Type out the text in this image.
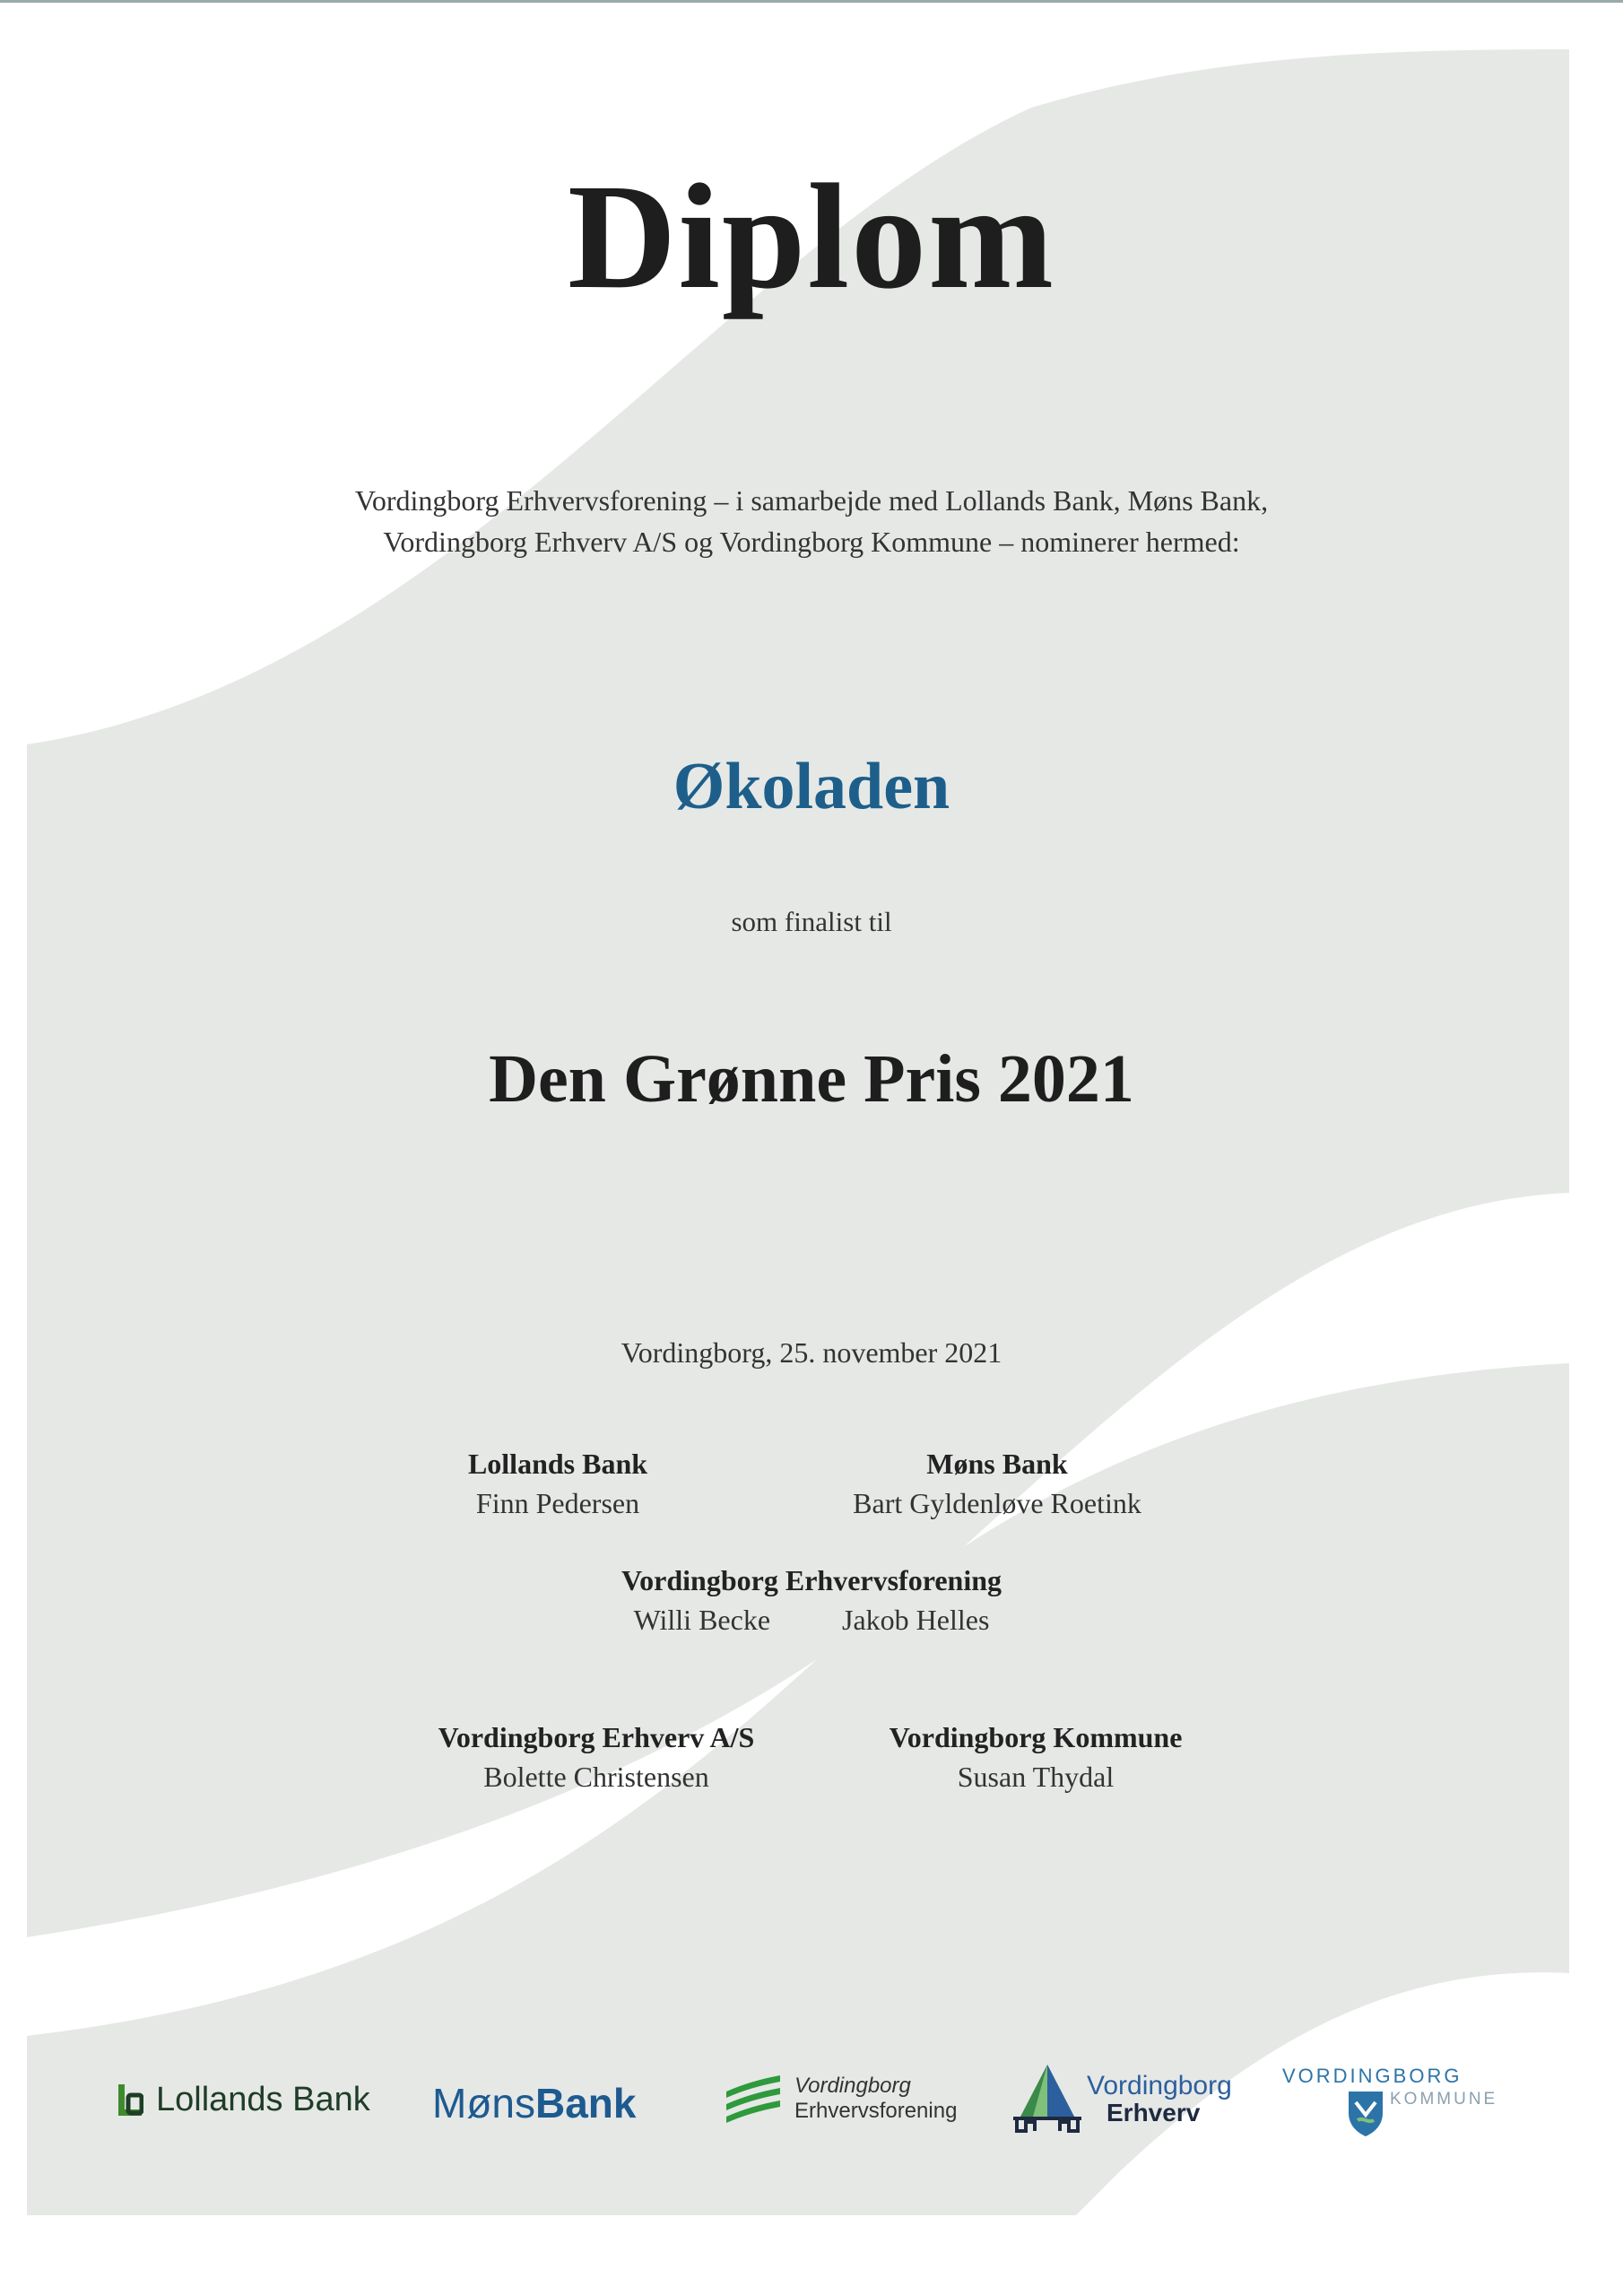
Diplom
Vordingborg Erhvervsforening – i samarbejde med Lollands Bank, Møns Bank,
Vordingborg Erhverv A/S og Vordingborg Kommune – nominerer hermed:
Økoladen
som finalist til
Den Grønne Pris 2021
Vordingborg, 25. november 2021
Lollands Bank
Finn Pedersen
Møns Bank
Bart Gyldenløve Roetink
Vordingborg Erhvervsforening
Willi Becke	Jakob Helles
Vordingborg Erhverv A/S
Bolette Christensen
Vordingborg Kommune
Susan Thydal
Lollands Bank Møns Bank	Vordingborg
Erhvervsforening
Vordingborg
Erhverv
VORDINGBORG
KOMMUNE
